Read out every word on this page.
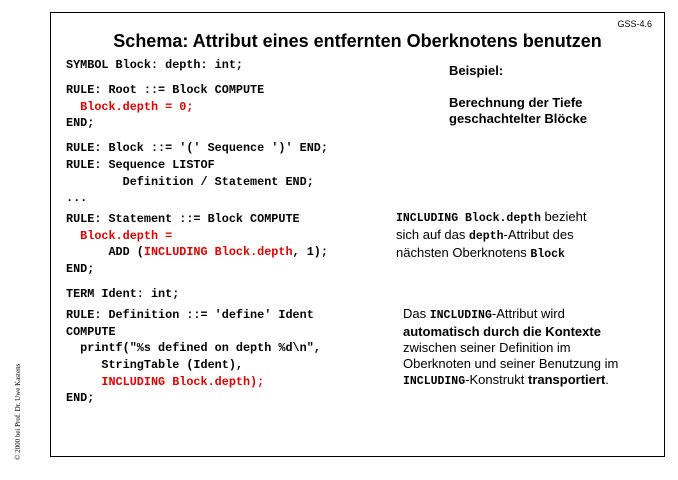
GSS-4.6
Schema: Attribut eines entfernten Oberknotens benutzen
SYMBOL Block: depth: int;
RULE: Root ::= Block COMPUTE
Block.depth = 0;
END;
RULE: Block ::= '(' Sequence ')' END;
RULE: Sequence LISTOF
Definition / Statement END;
...
RULE: Statement ::= Block COMPUTE
Block.depth =
ADD (INCLUDING Block.depth, 1);
END;
TERM Ident: int;
RULE: Definition ::= 'define' Ident
COMPUTE
printf("%s defined on depth %d\n",
StringTable (Ident),
INCLUDING Block.depth);
END;
Beispiel:
Berechnung der Tiefe
geschachtelter Blöcke
INCLUDING Block.depth bezieht
sich auf das depth-Attribut des
nächsten Oberknotens Block
Das INCLUDING-Attribut wird
automatisch durch die Kontexte
zwischen seiner Definition im
Oberknoten und seiner Benutzung im
INCLUDING-Konstrukt transportiert.
© 2000 bei Prof. Dr. Uwe Kastens
